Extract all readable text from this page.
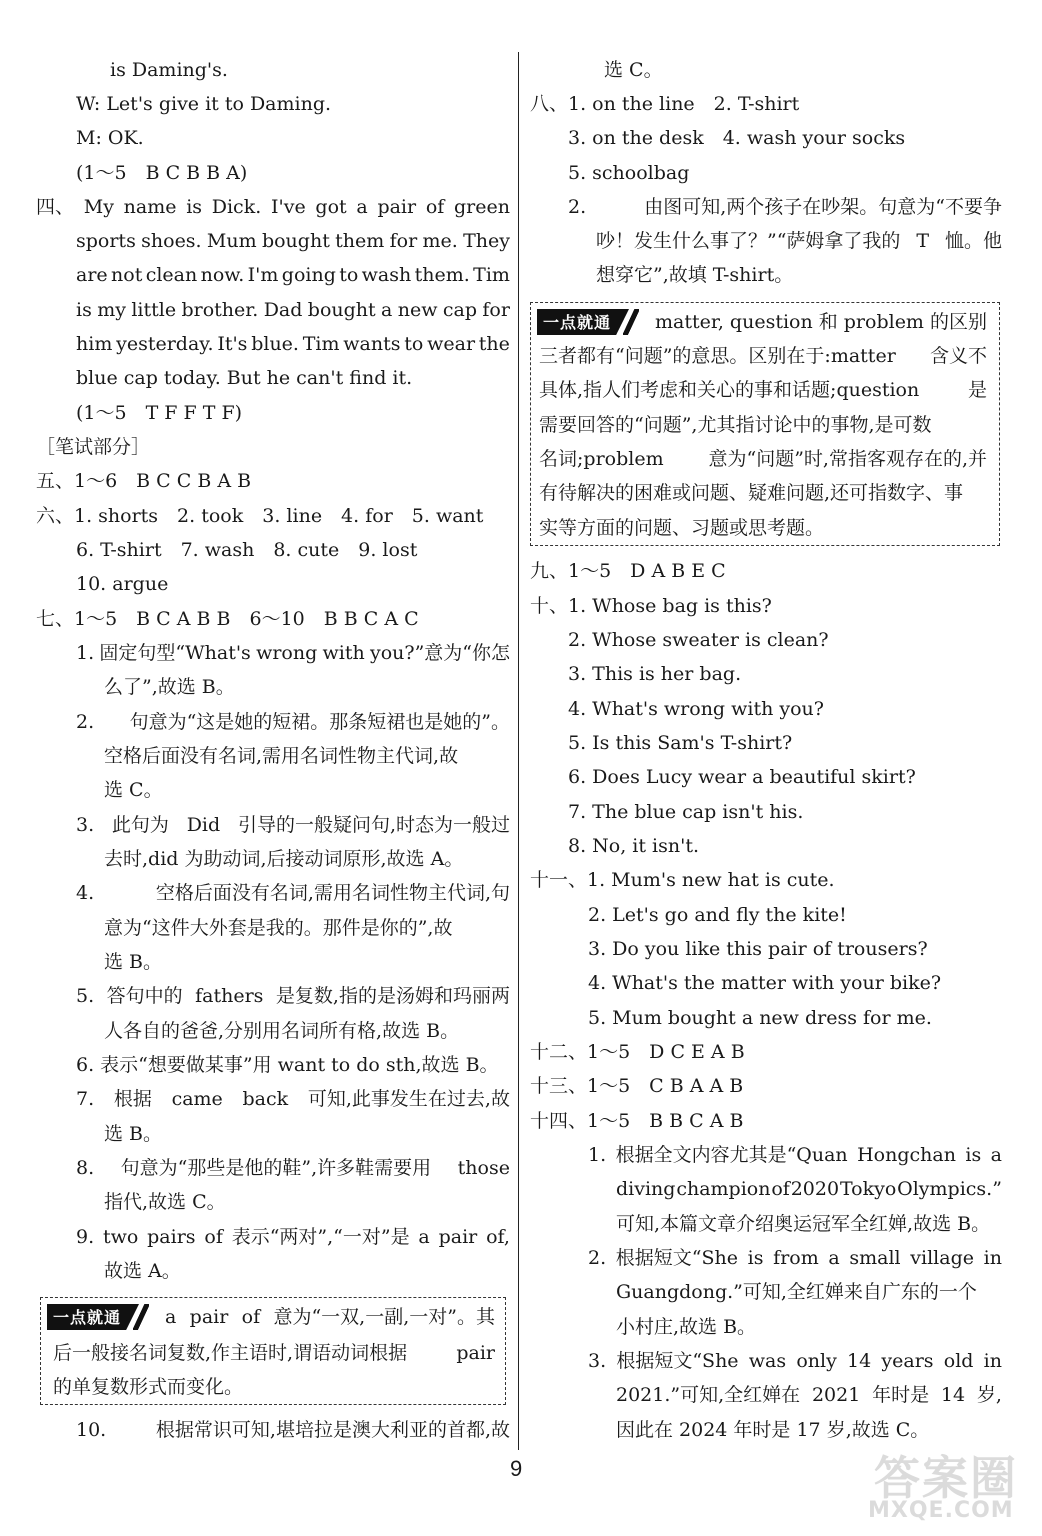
is Daming's.
W: Let's give it to Daming.
M: OK.
(1～5　B C B B A)
四、 My name is Dick. I've got a pair of green
sports shoes. Mum bought them for me. They
are not clean now. I'm going to wash them. Tim
is my little brother. Dad bought a new cap for
him yesterday. It's blue. Tim wants to wear the
blue cap today. But he can't find it.
(1～5　T F F T F)
［笔试部分］
五、1～6　B C C B A B
六、1. shorts　2. took　3. line　4. for　5. want
6. T-shirt　7. wash　8. cute　9. lost
10. argue
七、1～5　B C A B B　6～10　B B C A C
1. 固定句型“What's wrong with you?”意为“你怎
么了”,故选 B。
2. 句意为“这是她的短裙。那条短裙也是她的”。
空格后面没有名词,需用名词性物主代词,故
选 C。
3. 此句为 Did 引导的一般疑问句,时态为一般过
去时,did 为助动词,后接动词原形,故选 A。
4.	空格后面没有名词,需用名词性物主代词,句
意为“这件大外套是我的。那件是你的”,故
选 B。
5. 答句中的 fathers 是复数,指的是汤姆和玛丽两
人各自的爸爸,分别用名词所有格,故选 B。
6. 表示“想要做某事”用 want to do sth,故选 B。
7. 根据 came back 可知,此事发生在过去,故
选 B。
8. 句意为“那些是他的鞋”,许多鞋需要用 those
指代,故选 C。
9. two pairs of 表示“两对”,“一对”是 a pair of,
故选 A。
10.	根据常识可知,堪培拉是澳大利亚的首都,故
选 C。
八、1. on the line　2. T-shirt
3. on the desk　4. wash your socks
5. schoolbag
2.	由图可知,两个孩子在吵架。句意为“不要争
吵！发生什么事了？”“萨姆拿了我的 T 恤。他
想穿它”,故填 T-shirt。
九、1～5　D A B E C
十、1. Whose bag is this?
2. Whose sweater is clean?
3. This is her bag.
4. What's wrong with you?
5. Is this Sam's T-shirt?
6. Does Lucy wear a beautiful skirt?
7. The blue cap isn't his.
8. No, it isn't.
十一、1. Mum's new hat is cute.
2. Let's go and fly the kite!
3. Do you like this pair of trousers?
4. What's the matter with your bike?
5. Mum bought a new dress for me.
十二、1～5　D C E A B
十三、1～5　C B A A B
十四、1～5　B B C A B
1. 根据全文内容尤其是“Quan Hongchan is a
diving champion of 2020 Tokyo Olympics.”
可知,本篇文章介绍奥运冠军全红婵,故选 B。
2. 根据短文“She is from a small village in
Guangdong.”可知,全红婵来自广东的一个
小村庄,故选 B。
3. 根据短文“She was only 14 years old in
2021.”可知,全红婵在 2021 年时是 14 岁,
因此在 2024 年时是 17 岁,故选 C。
一点就通 a pair of 意为“一双,一副,一对”。其
后一般接名词复数,作主语时,谓语动词根据	pair
的单复数形式而变化。
一点就通 matter, question 和 problem 的区别
三者都有“问题”的意思。区别在于:matter 含义不
具体,指人们考虑和关心的事和话题;question	是
需要回答的“问题”,尤其指讨论中的事物,是可数
名词;problem 意为“问题”时,常指客观存在的,并
有待解决的困难或问题、疑难问题,还可指数字、事
实等方面的问题、习题或思考题。
9	答案圈
MXQE.COM
